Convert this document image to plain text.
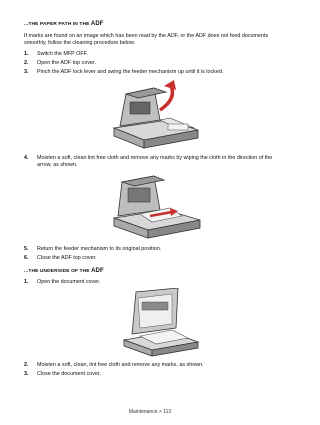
...THE PAPER PATH IN THE ADF
If marks are found on an image which has been read by the ADF, or the ADF does not feed documents smoothly, follow the cleaning procedure below.
1. Switch the MFP OFF.
2. Open the ADF top cover.
3. Pinch the ADF lock lever and swing the feeder mechanism up until it is locked.
4. Moisten a soft, clean lint free cloth and remove any marks by wiping the cloth in the direction of the arrow, as shown.
5. Return the feeder mechanism to its original position.
6. Close the ADF top cover.
...THE UNDERSIDE OF THE ADF
1. Open the document cover.
2. Moisten a soft, clean, lint free cloth and remove any marks, as shown.
3. Close the document cover.
Maintenance > 113
